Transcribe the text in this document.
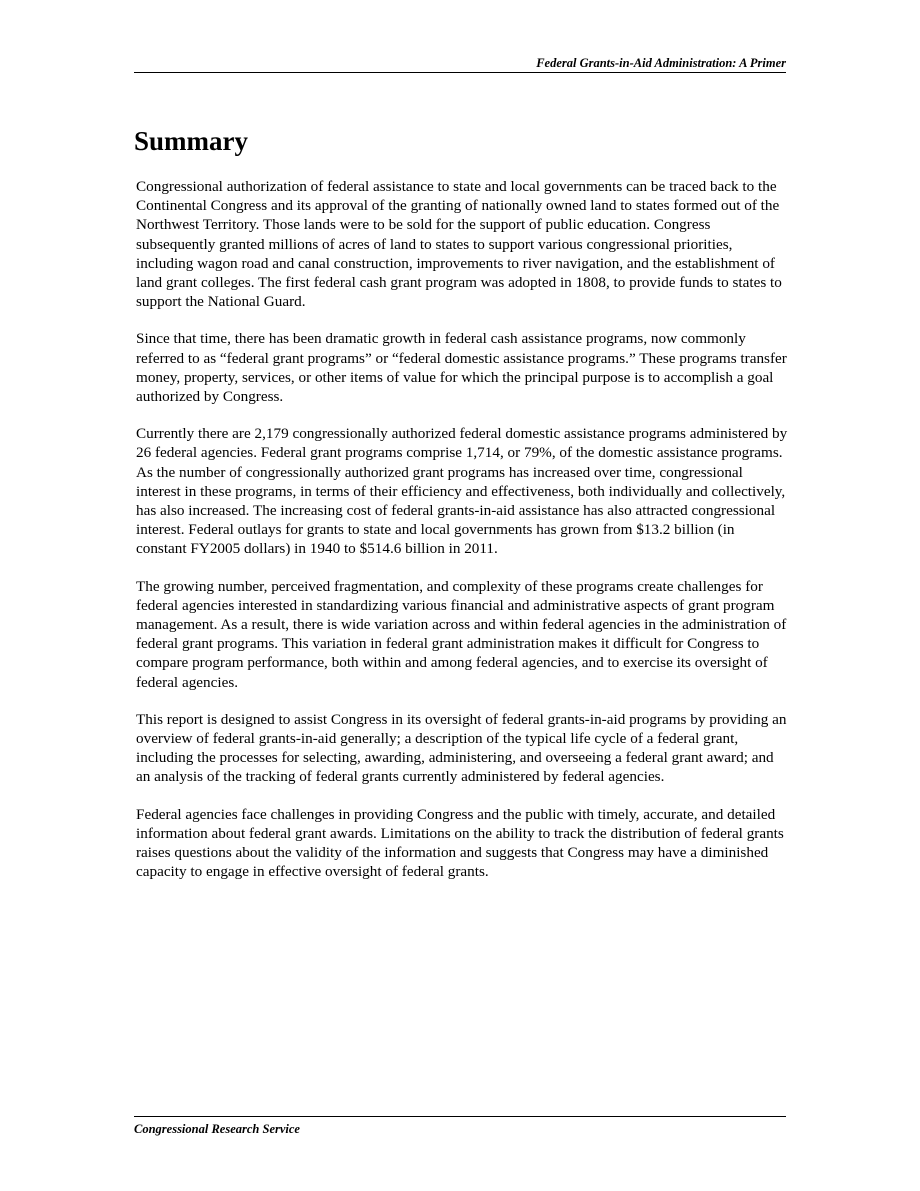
Federal Grants-in-Aid Administration: A Primer
Summary

Congressional authorization of federal assistance to state and local governments can be traced back to the Continental Congress and its approval of the granting of nationally owned land to states formed out of the Northwest Territory. Those lands were to be sold for the support of public education. Congress subsequently granted millions of acres of land to states to support various congressional priorities, including wagon road and canal construction, improvements to river navigation, and the establishment of land grant colleges. The first federal cash grant program was adopted in 1808, to provide funds to states to support the National Guard.

Since that time, there has been dramatic growth in federal cash assistance programs, now commonly referred to as “federal grant programs” or “federal domestic assistance programs.” These programs transfer money, property, services, or other items of value for which the principal purpose is to accomplish a goal authorized by Congress.

Currently there are 2,179 congressionally authorized federal domestic assistance programs administered by 26 federal agencies. Federal grant programs comprise 1,714, or 79%, of the domestic assistance programs. As the number of congressionally authorized grant programs has increased over time, congressional interest in these programs, in terms of their efficiency and effectiveness, both individually and collectively, has also increased. The increasing cost of federal grants-in-aid assistance has also attracted congressional interest. Federal outlays for grants to state and local governments has grown from $13.2 billion (in constant FY2005 dollars) in 1940 to $514.6 billion in 2011.

The growing number, perceived fragmentation, and complexity of these programs create challenges for federal agencies interested in standardizing various financial and administrative aspects of grant program management. As a result, there is wide variation across and within federal agencies in the administration of federal grant programs. This variation in federal grant administration makes it difficult for Congress to compare program performance, both within and among federal agencies, and to exercise its oversight of federal agencies.

This report is designed to assist Congress in its oversight of federal grants-in-aid programs by providing an overview of federal grants-in-aid generally; a description of the typical life cycle of a federal grant, including the processes for selecting, awarding, administering, and overseeing a federal grant award; and an analysis of the tracking of federal grants currently administered by federal agencies.

Federal agencies face challenges in providing Congress and the public with timely, accurate, and detailed information about federal grant awards. Limitations on the ability to track the distribution of federal grants raises questions about the validity of the information and suggests that Congress may have a diminished capacity to engage in effective oversight of federal grants.

Congressional Research Service
